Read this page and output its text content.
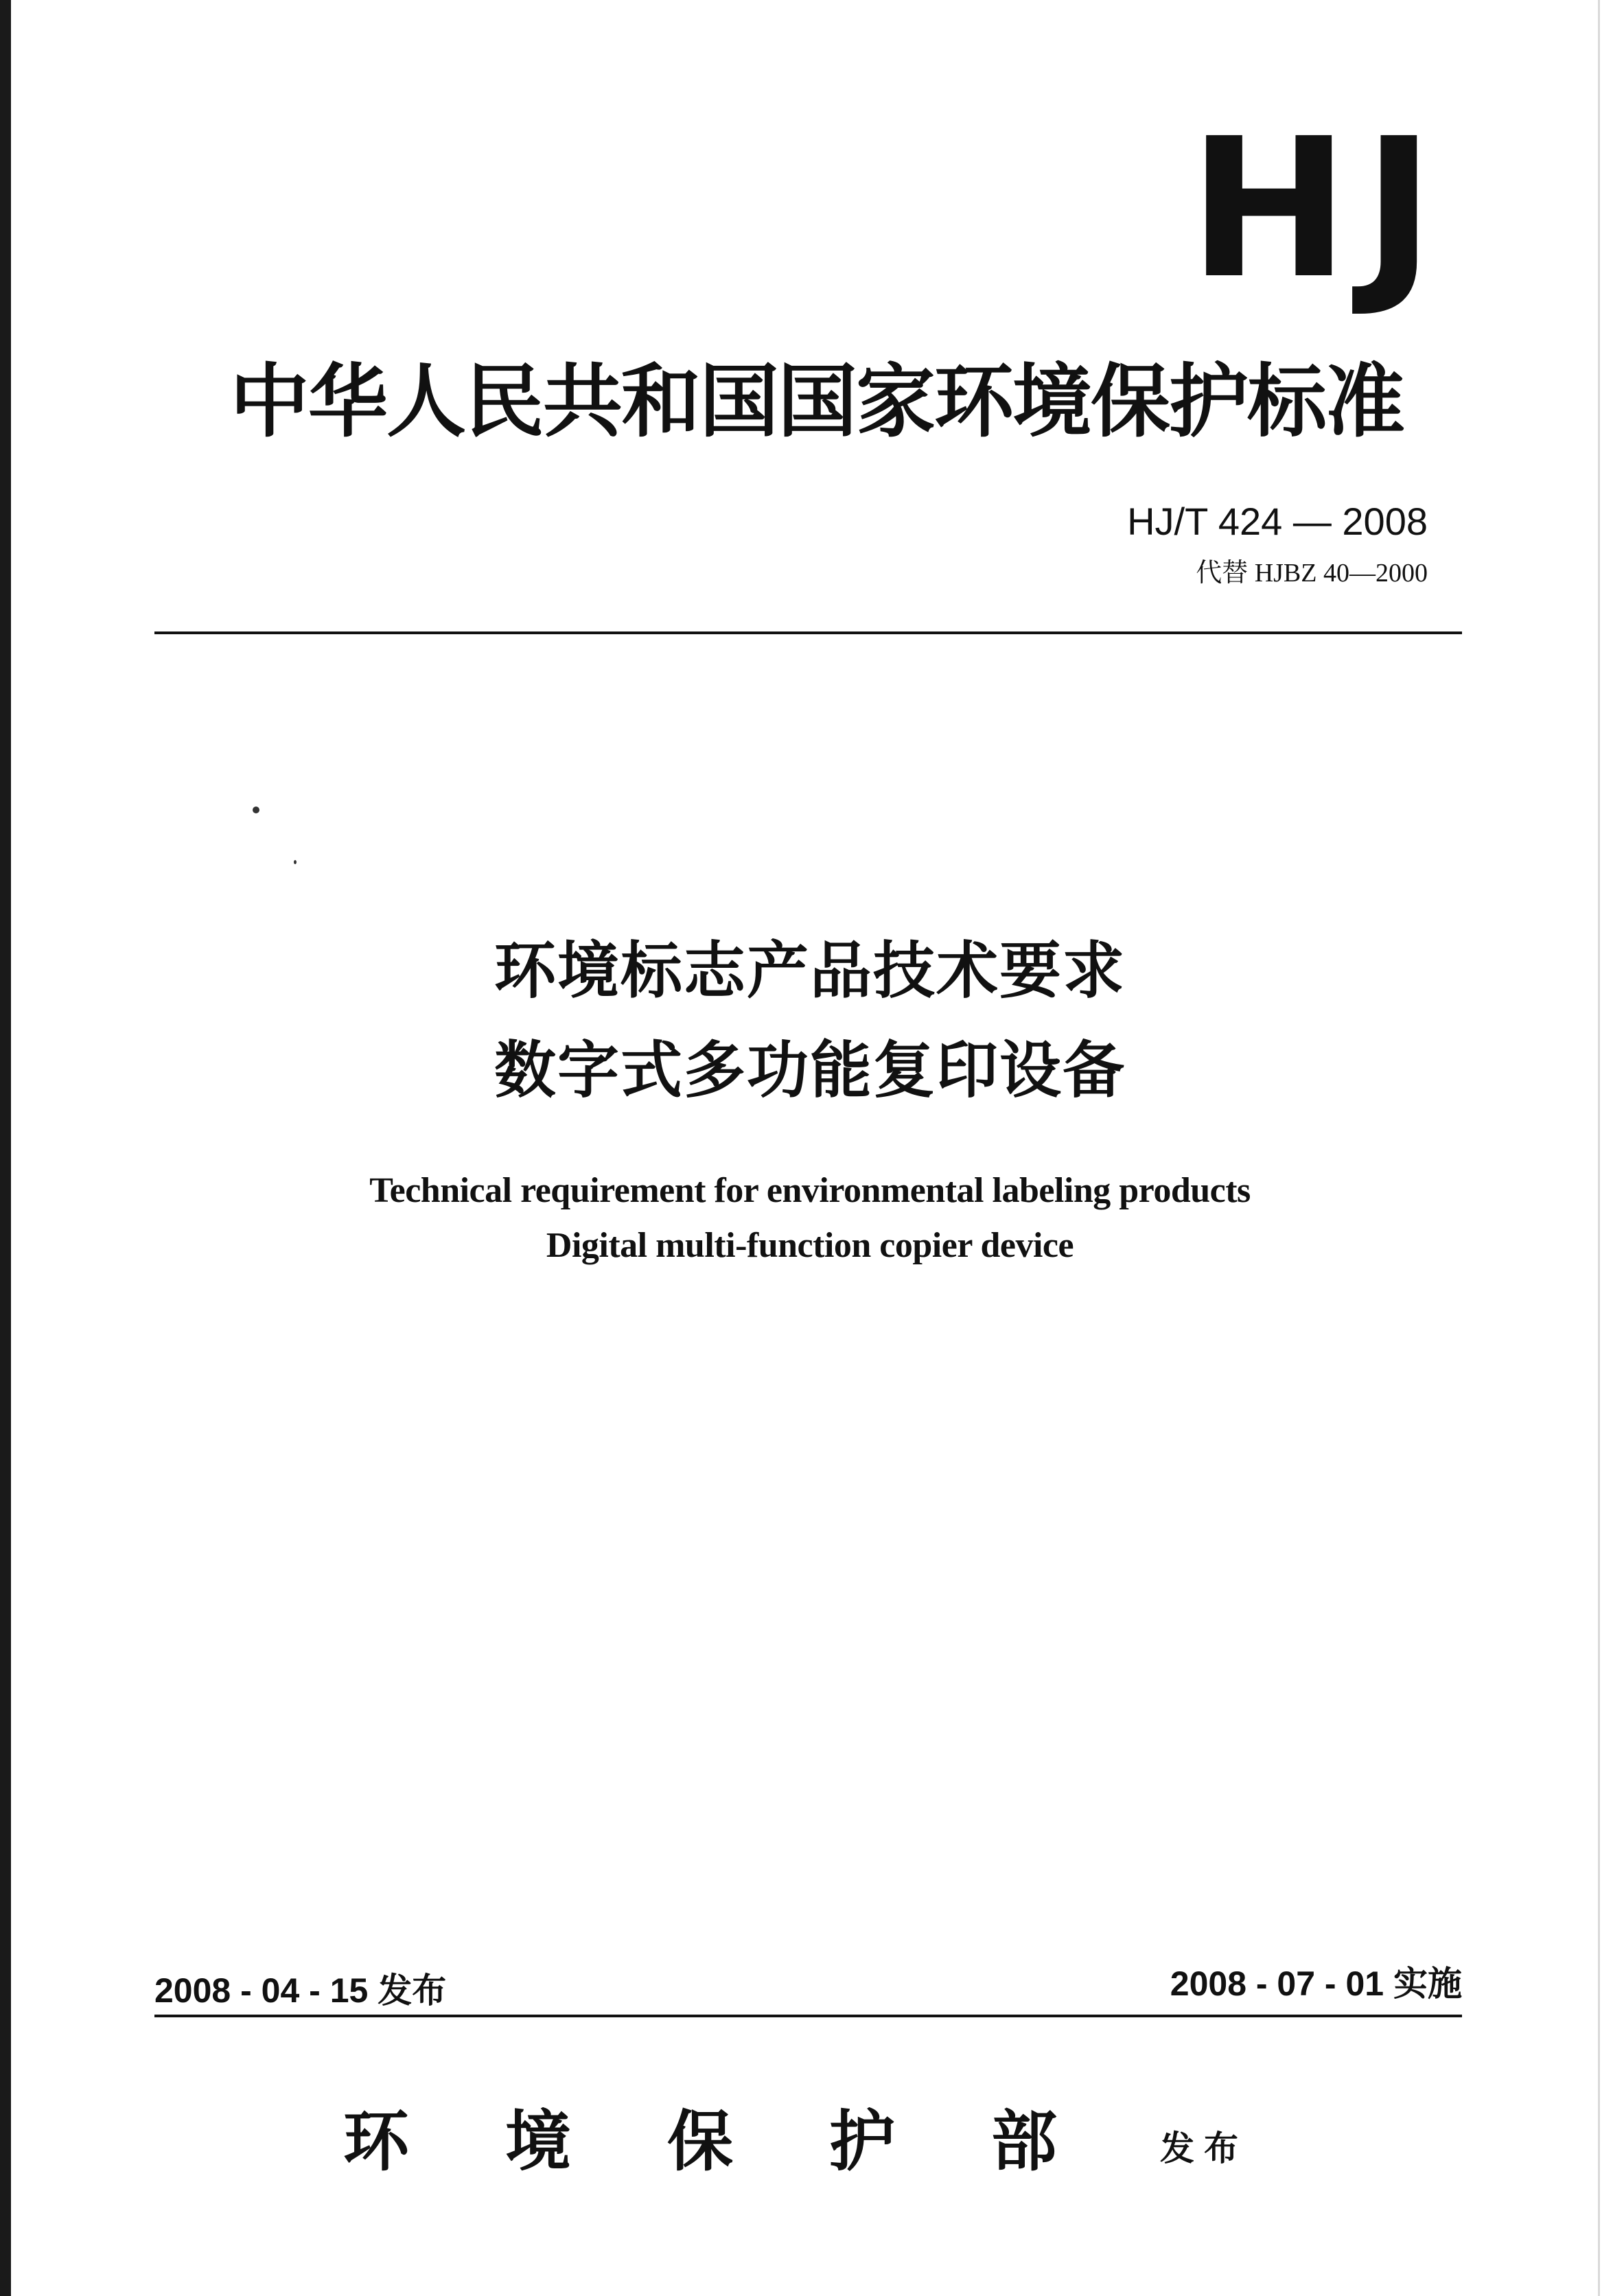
HJ
中华人民共和国国家环境保护标准
HJ/T 424 — 2008
代替 HJBZ 40—2000
环境标志产品技术要求
数字式多功能复印设备
Technical requirement for environmental labeling products
Digital multi-function copier device
2008 - 04 - 15 发布	2008 - 07 - 01 实施
环境保护部 发布
